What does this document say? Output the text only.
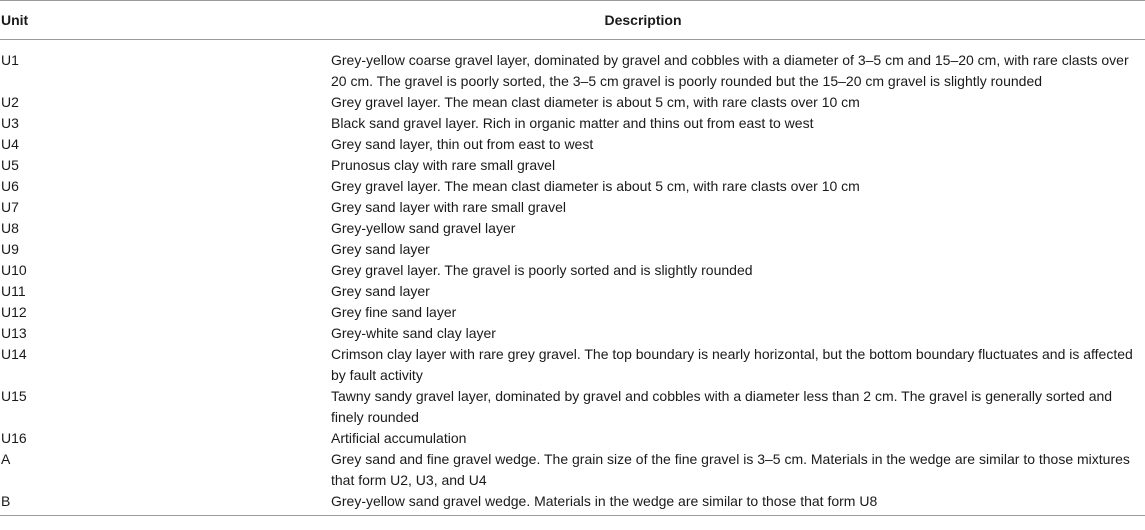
Unit	Description
U1	Grey-yellow coarse gravel layer, dominated by gravel and cobbles with a diameter of 3–5 cm and 15–20 cm, with rare clasts over 20 cm. The gravel is poorly sorted, the 3–5 cm gravel is poorly rounded but the 15–20 cm gravel is slightly rounded
U2	Grey gravel layer. The mean clast diameter is about 5 cm, with rare clasts over 10 cm
U3	Black sand gravel layer. Rich in organic matter and thins out from east to west
U4	Grey sand layer, thin out from east to west
U5	Prunosus clay with rare small gravel
U6	Grey gravel layer. The mean clast diameter is about 5 cm, with rare clasts over 10 cm
U7	Grey sand layer with rare small gravel
U8	Grey-yellow sand gravel layer
U9	Grey sand layer
U10	Grey gravel layer. The gravel is poorly sorted and is slightly rounded
U11	Grey sand layer
U12	Grey fine sand layer
U13	Grey-white sand clay layer
U14	Crimson clay layer with rare grey gravel. The top boundary is nearly horizontal, but the bottom boundary fluctuates and is affected by fault activity
U15	Tawny sandy gravel layer, dominated by gravel and cobbles with a diameter less than 2 cm. The gravel is generally sorted and finely rounded
U16	Artificial accumulation
A	Grey sand and fine gravel wedge. The grain size of the fine gravel is 3–5 cm. Materials in the wedge are similar to those mixtures that form U2, U3, and U4
B	Grey-yellow sand gravel wedge. Materials in the wedge are similar to those that form U8
